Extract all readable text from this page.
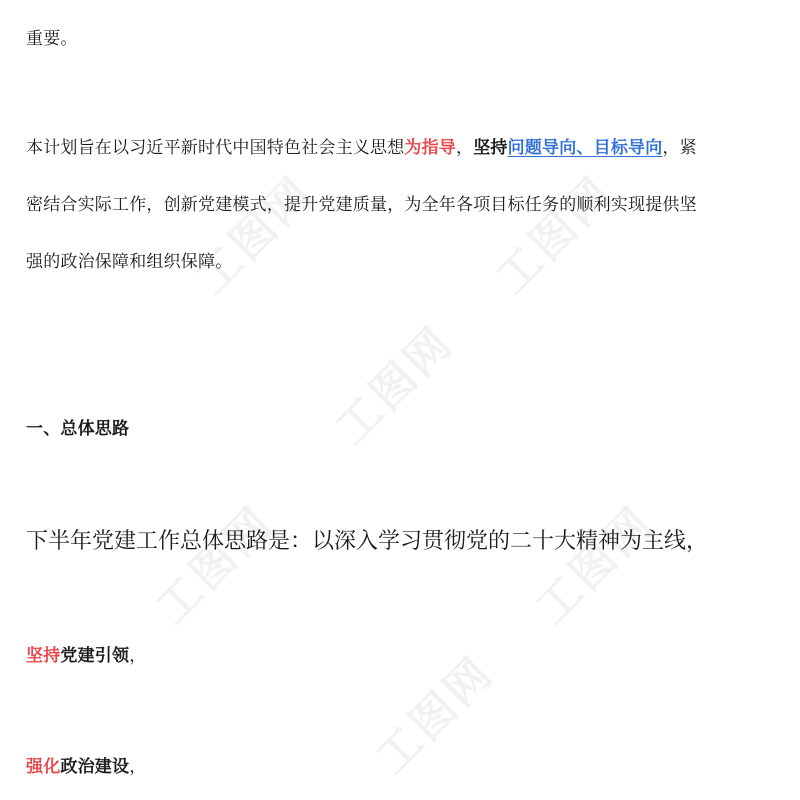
工图网	工图网
工图网
工图网	工图网
工图网
重要。
本计划旨在以习近平新时代中国特色社会主义思想为指导，坚持问题导向、目标导向，紧
密结合实际工作，创新党建模式，提升党建质量，为全年各项目标任务的顺利实现提供坚
强的政治保障和组织保障。
一、总体思路
下半年党建工作总体思路是：以深入学习贯彻党的二十大精神为主线，
坚持党建引领，
强化政治建设，
